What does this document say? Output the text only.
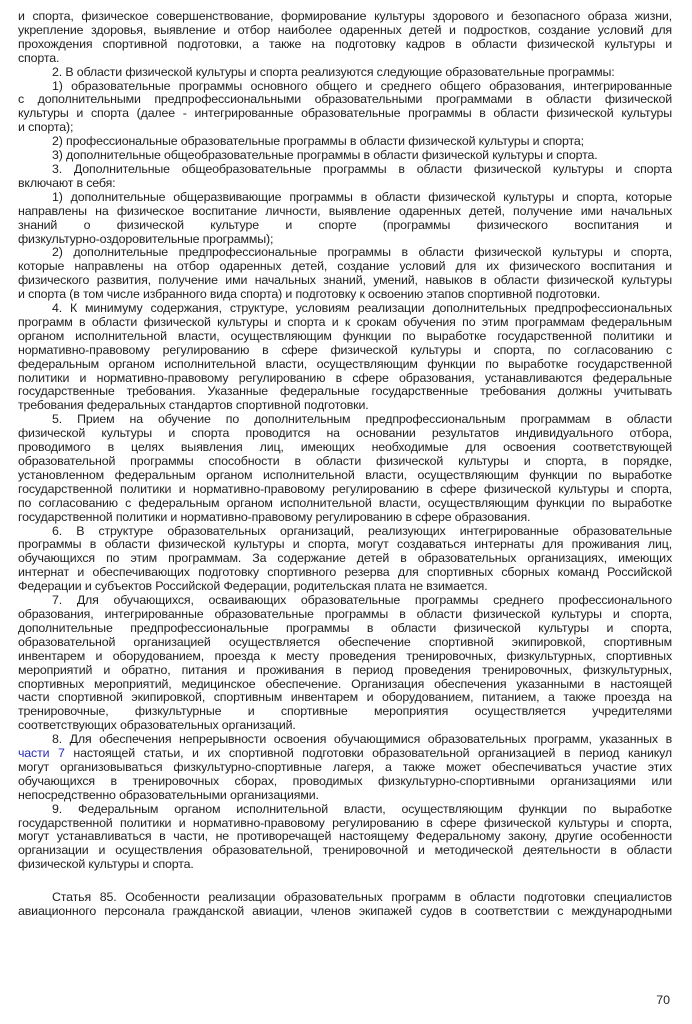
и спорта, физическое совершенствование, формирование культуры здорового и безопасного образа жизни,
укрепление здоровья, выявление и отбор наиболее одаренных детей и подростков, создание условий для
прохождения спортивной подготовки, а также на подготовку кадров в области физической культуры и
спорта.
2. В области физической культуры и спорта реализуются следующие образовательные программы:
1) образовательные программы основного общего и среднего общего образования, интегрированные
с дополнительными предпрофессиональными образовательными программами в области физической
культуры и спорта (далее - интегрированные образовательные программы в области физической культуры
и спорта);
2) профессиональные образовательные программы в области физической культуры и спорта;
3) дополнительные общеобразовательные программы в области физической культуры и спорта.
3. Дополнительные общеобразовательные программы в области физической культуры и спорта
включают в себя:
1) дополнительные общеразвивающие программы в области физической культуры и спорта, которые
направлены на физическое воспитание личности, выявление одаренных детей, получение ими начальных
знаний о физической культуре и спорте (программы физического воспитания и
физкультурно-оздоровительные программы);
2) дополнительные предпрофессиональные программы в области физической культуры и спорта,
которые направлены на отбор одаренных детей, создание условий для их физического воспитания и
физического развития, получение ими начальных знаний, умений, навыков в области физической культуры
и спорта (в том числе избранного вида спорта) и подготовку к освоению этапов спортивной подготовки.
4. К минимуму содержания, структуре, условиям реализации дополнительных предпрофессиональных
программ в области физической культуры и спорта и к срокам обучения по этим программам федеральным
органом исполнительной власти, осуществляющим функции по выработке государственной политики и
нормативно-правовому регулированию в сфере физической культуры и спорта, по согласованию с
федеральным органом исполнительной власти, осуществляющим функции по выработке государственной
политики и нормативно-правовому регулированию в сфере образования, устанавливаются федеральные
государственные требования. Указанные федеральные государственные требования должны учитывать
требования федеральных стандартов спортивной подготовки.
5. Прием на обучение по дополнительным предпрофессиональным программам в области
физической культуры и спорта проводится на основании результатов индивидуального отбора,
проводимого в целях выявления лиц, имеющих необходимые для освоения соответствующей
образовательной программы способности в области физической культуры и спорта, в порядке,
установленном федеральным органом исполнительной власти, осуществляющим функции по выработке
государственной политики и нормативно-правовому регулированию в сфере физической культуры и спорта,
по согласованию с федеральным органом исполнительной власти, осуществляющим функции по выработке
государственной политики и нормативно-правовому регулированию в сфере образования.
6. В структуре образовательных организаций, реализующих интегрированные образовательные
программы в области физической культуры и спорта, могут создаваться интернаты для проживания лиц,
обучающихся по этим программам. За содержание детей в образовательных организациях, имеющих
интернат и обеспечивающих подготовку спортивного резерва для спортивных сборных команд Российской
Федерации и субъектов Российской Федерации, родительская плата не взимается.
7. Для обучающихся, осваивающих образовательные программы среднего профессионального
образования, интегрированные образовательные программы в области физической культуры и спорта,
дополнительные предпрофессиональные программы в области физической культуры и спорта,
образовательной организацией осуществляется обеспечение спортивной экипировкой, спортивным
инвентарем и оборудованием, проезда к месту проведения тренировочных, физкультурных, спортивных
мероприятий и обратно, питания и проживания в период проведения тренировочных, физкультурных,
спортивных мероприятий, медицинское обеспечение. Организация обеспечения указанными в настоящей
части спортивной экипировкой, спортивным инвентарем и оборудованием, питанием, а также проезда на
тренировочные, физкультурные и спортивные мероприятия осуществляется учредителями
соответствующих образовательных организаций.
8. Для обеспечения непрерывности освоения обучающимися образовательных программ, указанных в
части 7 настоящей статьи, и их спортивной подготовки образовательной организацией в период каникул
могут организовываться физкультурно-спортивные лагеря, а также может обеспечиваться участие этих
обучающихся в тренировочных сборах, проводимых физкультурно-спортивными организациями или
непосредственно образовательными организациями.
9. Федеральным органом исполнительной власти, осуществляющим функции по выработке
государственной политики и нормативно-правовому регулированию в сфере физической культуры и спорта,
могут устанавливаться в части, не противоречащей настоящему Федеральному закону, другие особенности
организации и осуществления образовательной, тренировочной и методической деятельности в области
физической культуры и спорта.
Статья 85. Особенности реализации образовательных программ в области подготовки специалистов
авиационного персонала гражданской авиации, членов экипажей судов в соответствии с международными
70
